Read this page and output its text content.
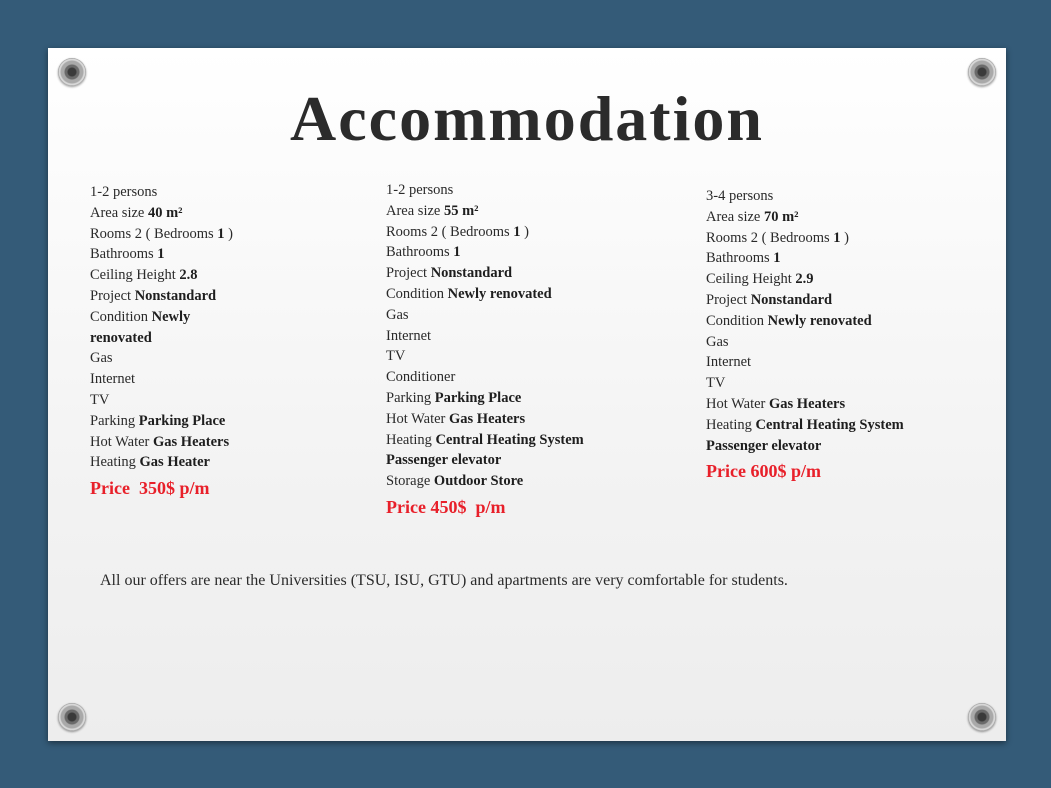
Accommodation
1-2 persons
Area size 40 m²
Rooms 2 ( Bedrooms 1 )
Bathrooms 1
Ceiling Height 2.8
Project Nonstandard
Condition Newly
renovated
Gas
Internet
TV
Parking Parking Place
Hot Water Gas Heaters
Heating Gas Heater
Price  350$ p/m
1-2 persons
Area size 55 m²
Rooms 2 ( Bedrooms 1 )
Bathrooms 1
Project Nonstandard
Condition Newly renovated
Gas
Internet
TV
Conditioner
Parking Parking Place
Hot Water Gas Heaters
Heating Central Heating System
Passenger elevator
Storage Outdoor Store
Price 450$  p/m
3-4 persons
Area size 70 m²
Rooms 2 ( Bedrooms 1 )
Bathrooms 1
Ceiling Height 2.9
Project Nonstandard
Condition Newly renovated
Gas
Internet
TV
Hot Water Gas Heaters
Heating Central Heating System
Passenger elevator
Price 600$ p/m
All our offers are near the Universities (TSU, ISU, GTU) and apartments are very comfortable for students.
